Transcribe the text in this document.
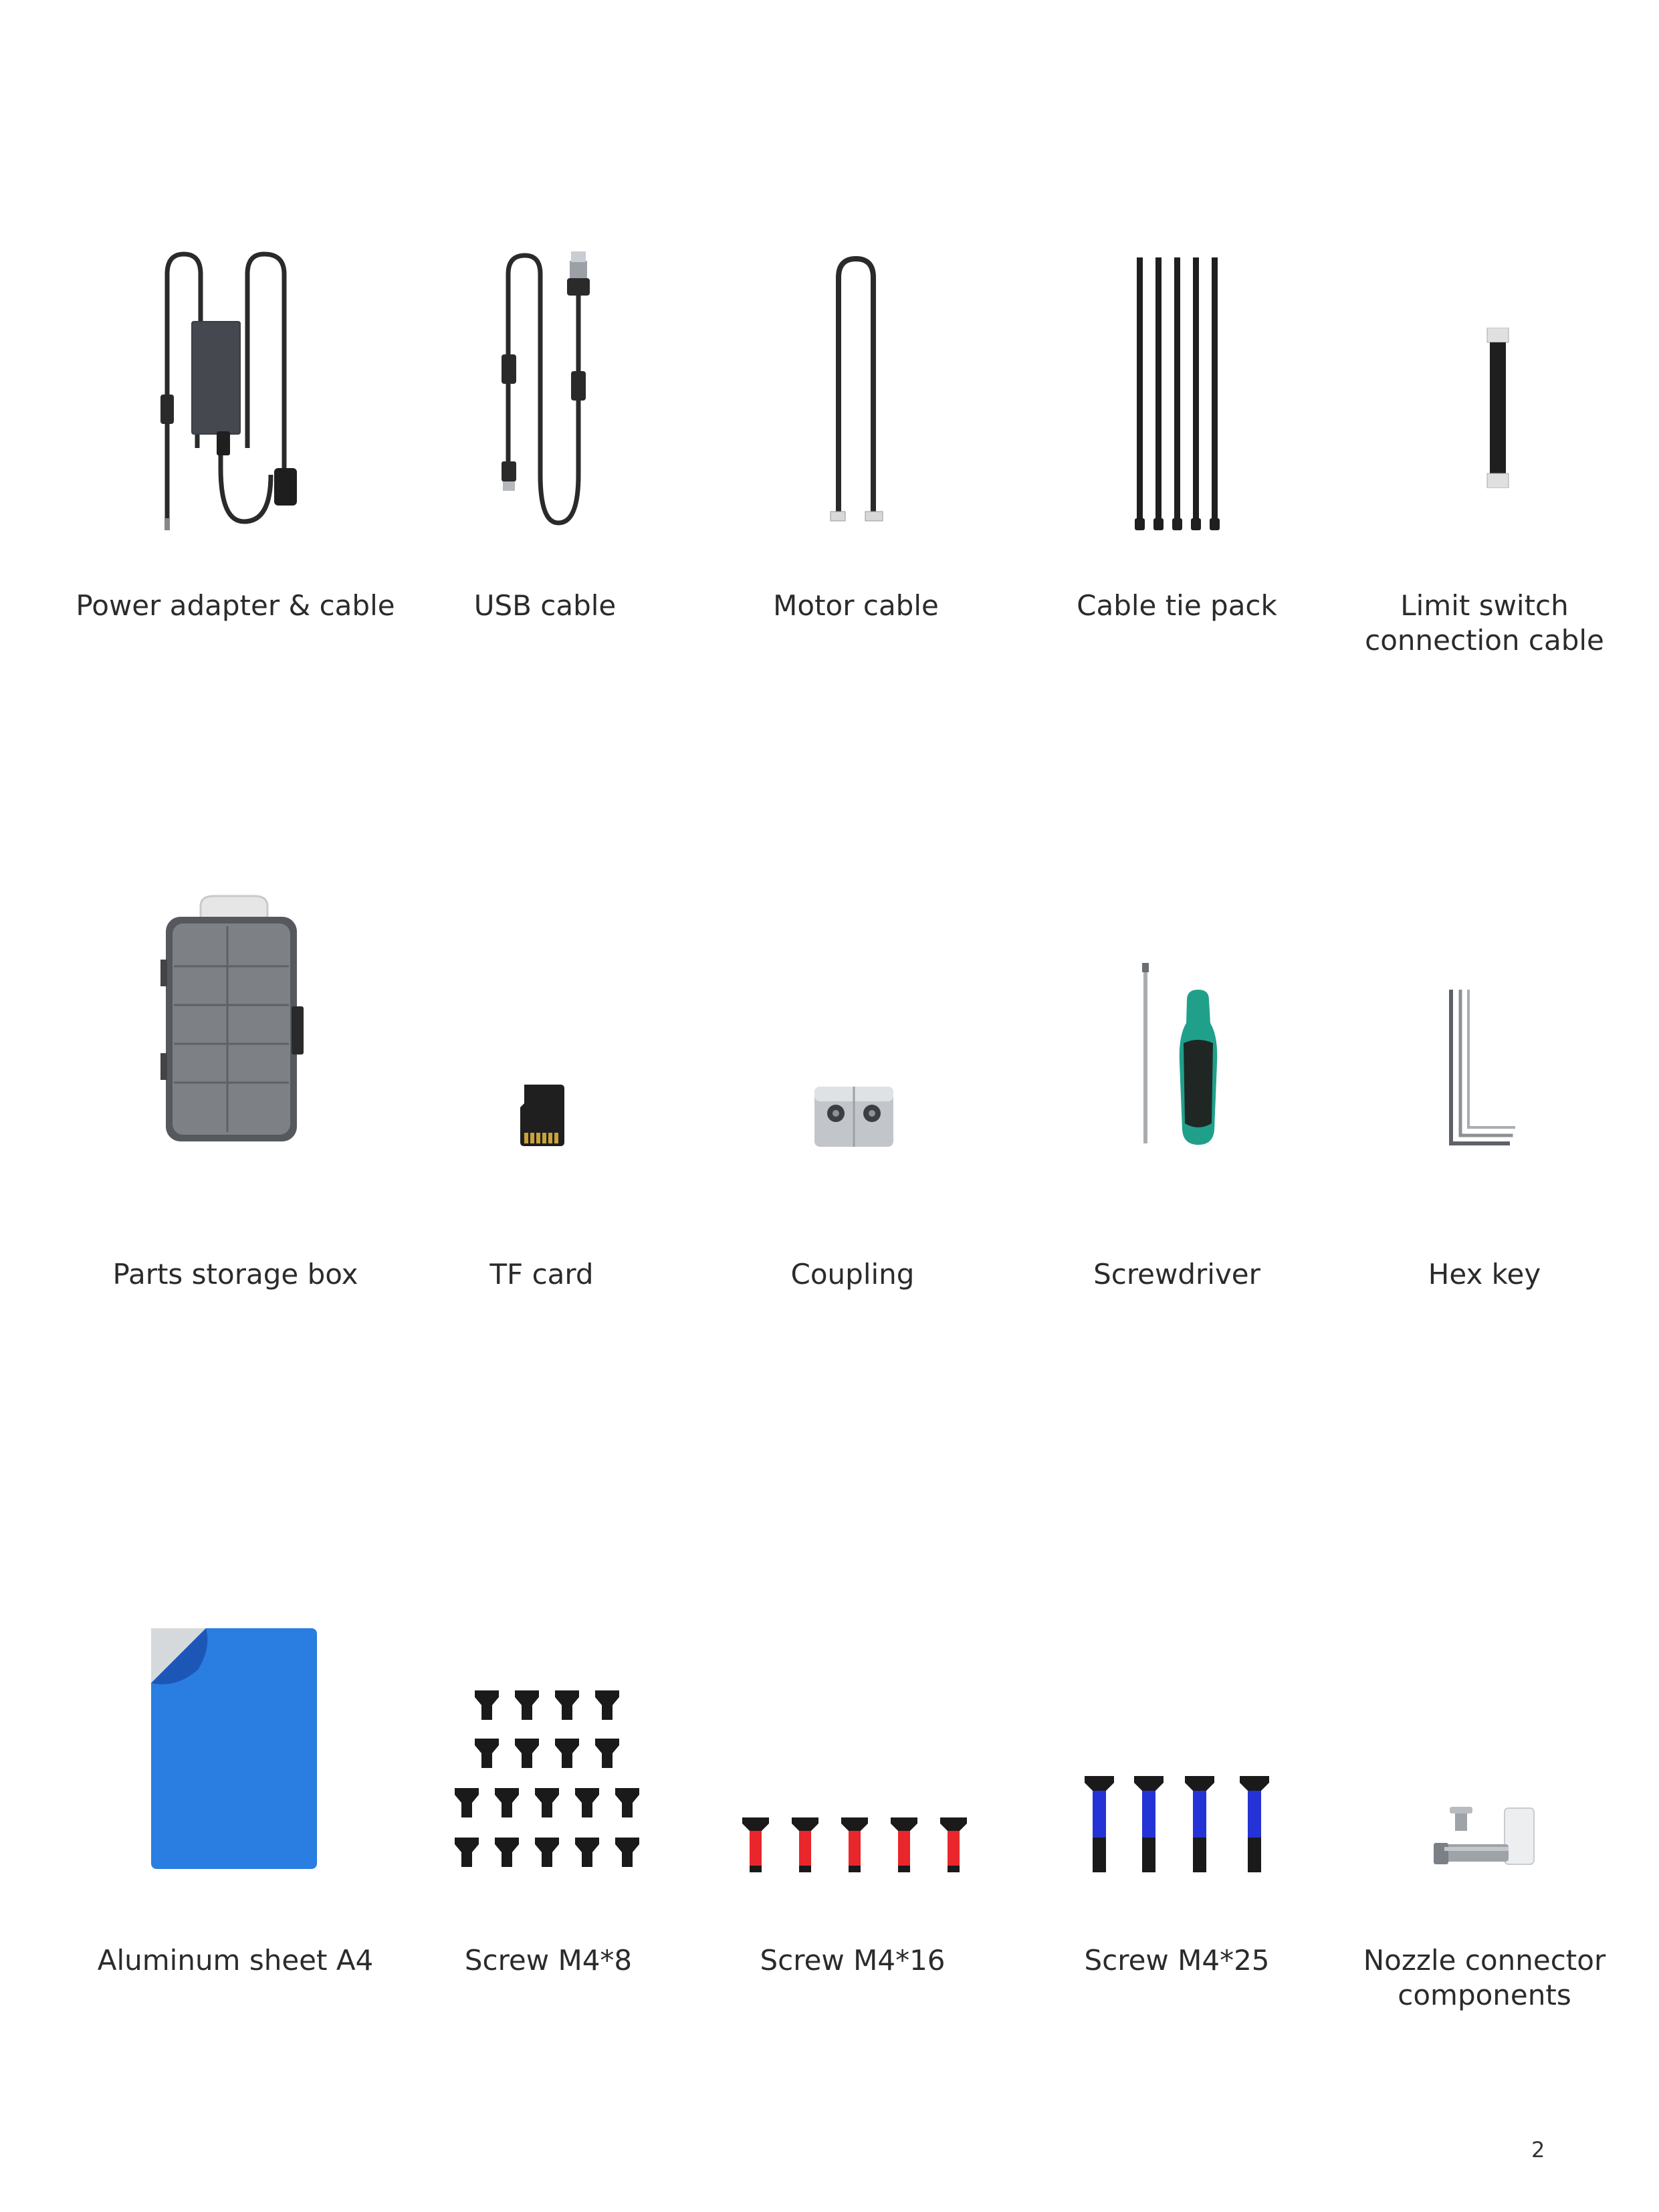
Power adapter & cable	USB cable	Motor cable	Cable tie pack	Limit switch
connection cable
Parts storage box	TF card	Coupling	Screwdriver	Hex key
Aluminum sheet A4	Screw M4*8	Screw M4*16	Screw M4*25	Nozzle connector
components
2
